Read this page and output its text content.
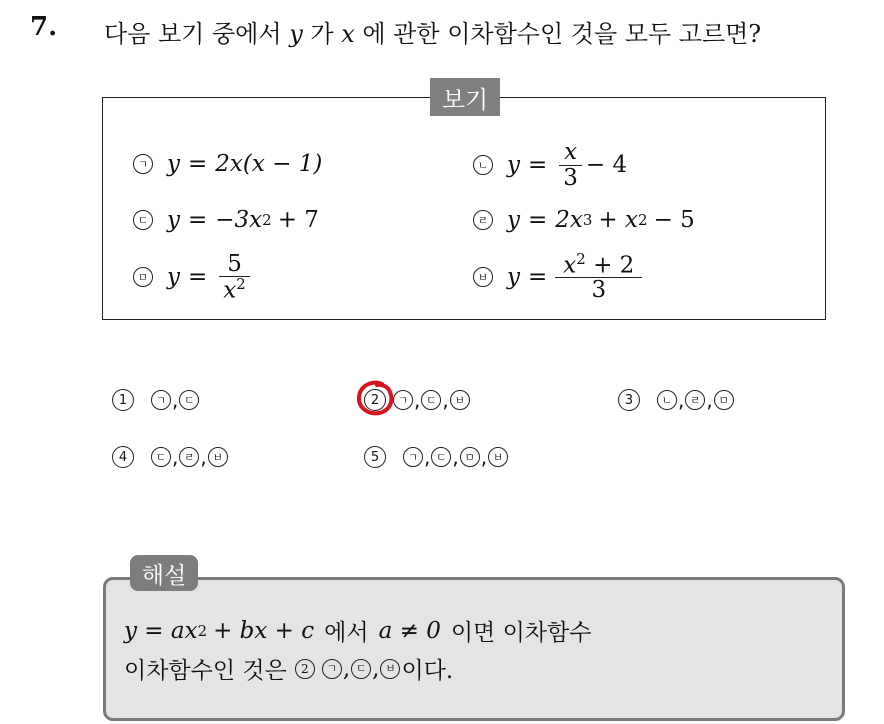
7. 다음 보기 중에서 y 가 x 에 관한 이차함수인 것을 모두 고르면?
보기
ㄱ y = 2x(x − 1)	ㄴ $y = \frac{x}{3} - 4$
ㄷ y = −3x 2 + 7	ㄹ y = 2x 3 + x 2 − 5
ㅁ $y = \frac{5}{x^2}$	ㅂ $y = \frac{x^2 + 2}{3}$
1	ㄱ , ㄷ	2	ㄱ , ㄷ , ㅂ	3	ㄴ , ㄹ , ㅁ
4	ㄷ , ㄹ , ㅂ	5	ㄱ , ㄷ , ㅁ , ㅂ
해설
y = ax 2 + bx + c 에서 a ≠ 0 이면 이차함수
이차함수인 것은	2	ㄱ , ㄷ , ㅂ 이다.
